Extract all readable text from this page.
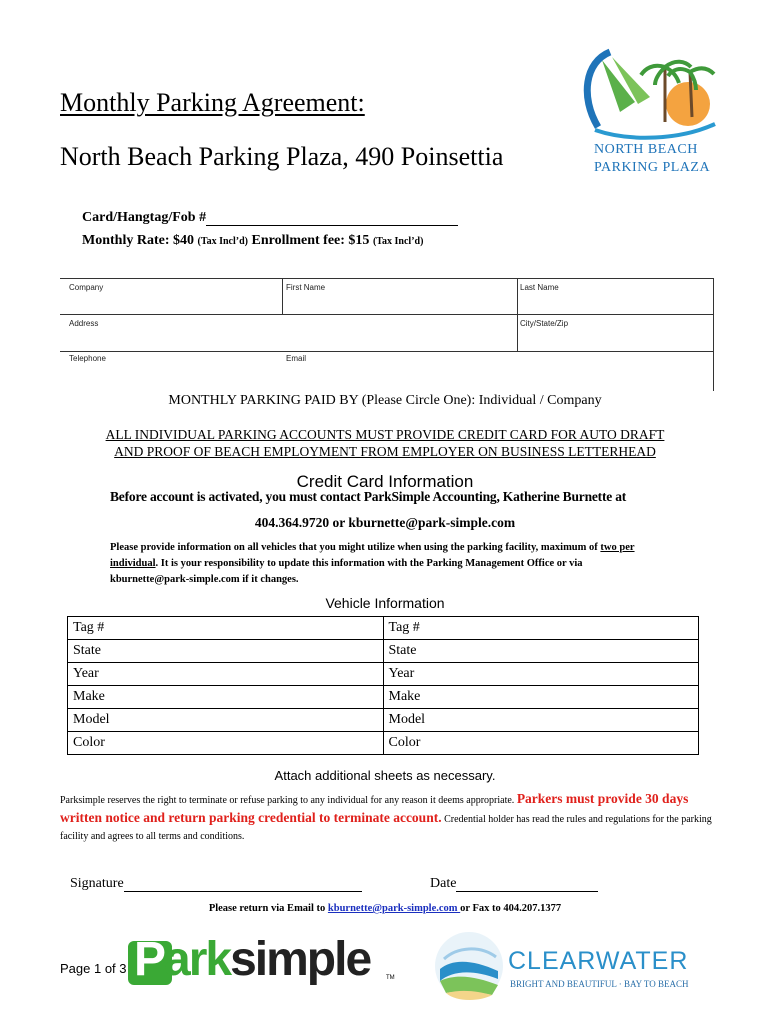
Monthly Parking Agreement:
North Beach Parking Plaza, 490 Poinsettia	NORTH BEACH
PARKING PLAZA
Card/Hangtag/Fob #
Monthly Rate: $40 (Tax Incl’d) Enrollment fee: $15 (Tax Incl’d)
Company	First Name	Last Name
Address	City/State/Zip
Telephone	Email
MONTHLY PARKING PAID BY (Please Circle One): Individual / Company
ALL INDIVIDUAL PARKING ACCOUNTS MUST PROVIDE CREDIT CARD FOR AUTO DRAFT
AND PROOF OF BEACH EMPLOYMENT FROM EMPLOYER ON BUSINESS LETTERHEAD
Credit Card Information
Before account is activated, you must contact ParkSimple Accounting, Katherine Burnette at
404.364.9720 or kburnette@park-simple.com
Please provide information on all vehicles that you might utilize when using the parking facility, maximum of two per individual. It is your responsibility to update this information with the Parking Management Office or via kburnette@park-simple.com if it changes.
Vehicle Information
Tag #	Tag #
State	State
Year	Year
Make	Make
Model	Model
Color	Color
Attach additional sheets as necessary.
Parksimple reserves the right to terminate or refuse parking to any individual for any reason it deems appropriate. Parkers must provide 30 days written notice and return parking credential to terminate account. Credential holder has read the rules and regulations for the parking facility and agrees to all terms and conditions.
Signature	Date
Please return via Email to kburnette@park-simple.com or Fax to 404.207.1377
Page 1 of 3 Parksimple	TM
CLEARWATER
BRIGHT AND BEAUTIFUL · BAY TO BEACH
